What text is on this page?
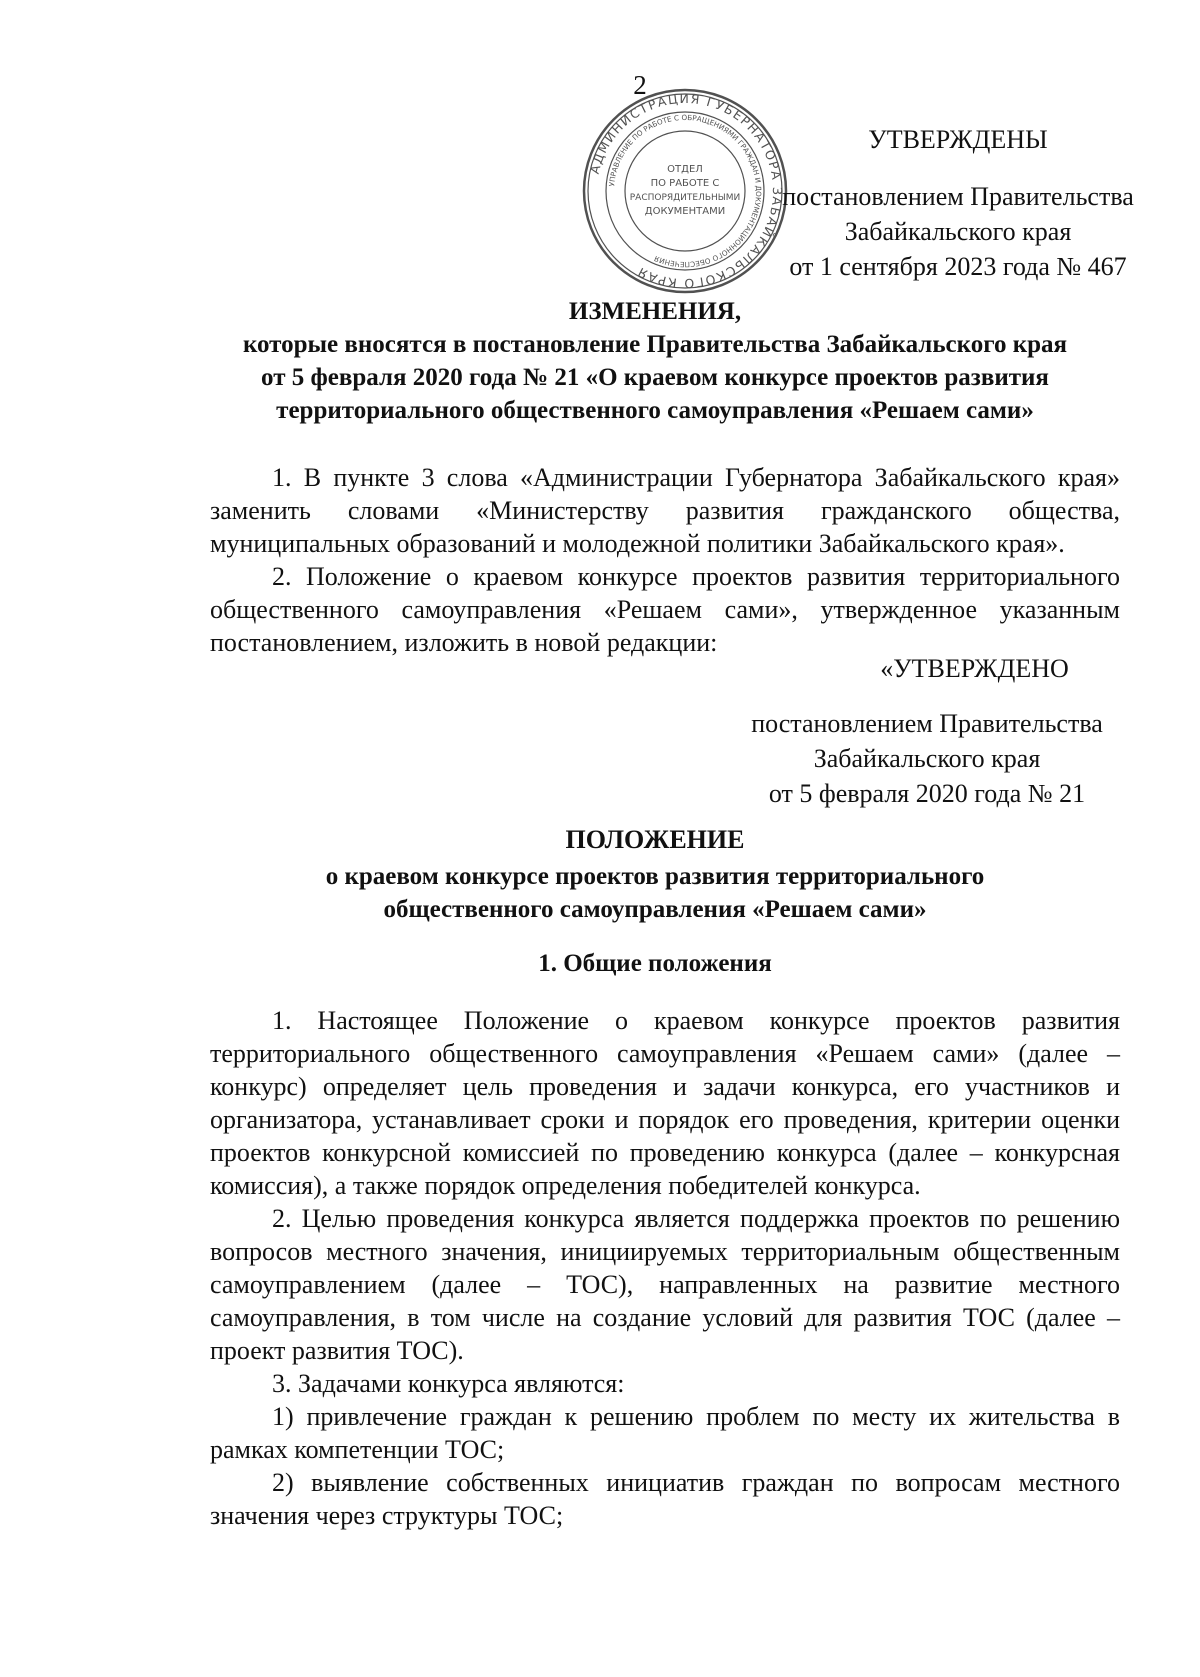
2
АДМИНИСТРАЦИЯ ГУБЕРНАТОРА ЗАБАЙКАЛЬСКОГО КРАЯ
УПРАВЛЕНИЕ ПО РАБОТЕ С ОБРАЩЕНИЯМИ ГРАЖДАН И ДОКУМЕНТАЦИОННОГО ОБЕСПЕЧЕНИЯ
ОТДЕЛ
ПО РАБОТЕ С
РАСПОРЯДИТЕЛЬНЫМИ
ДОКУМЕНТАМИ
УТВЕРЖДЕНЫ
постановлением Правительства
Забайкальского края
от 1 сентября 2023 года № 467
ИЗМЕНЕНИЯ,
которые вносятся в постановление Правительства Забайкальского края
от 5 февраля 2020 года № 21 «О краевом конкурсе проектов развития
территориального общественного самоуправления «Решаем сами»

1. В пункте 3 слова «Администрации Губернатора Забайкальского края» заменить словами «Министерству развития гражданского общества, муниципальных образований и молодежной политики Забайкальского края».

2. Положение о краевом конкурсе проектов развития территориального общественного самоуправления «Решаем сами», утвержденное указанным постановлением, изложить в новой редакции:

«УТВЕРЖДЕНО
постановлением Правительства
Забайкальского края
от 5 февраля 2020 года № 21
ПОЛОЖЕНИЕ
о краевом конкурсе проектов развития территориального
общественного самоуправления «Решаем сами»
1. Общие положения

1. Настоящее Положение о краевом конкурсе проектов развития территориального общественного самоуправления «Решаем сами» (далее – конкурс) определяет цель проведения и задачи конкурса, его участников и организатора, устанавливает сроки и порядок его проведения, критерии оценки проектов конкурсной комиссией по проведению конкурса (далее – конкурсная комиссия), а также порядок определения победителей конкурса.

2. Целью проведения конкурса является поддержка проектов по решению вопросов местного значения, инициируемых территориальным общественным самоуправлением (далее – ТОС), направленных на развитие местного самоуправления, в том числе на создание условий для развития ТОС (далее – проект развития ТОС).

3. Задачами конкурса являются:

1) привлечение граждан к решению проблем по месту их жительства в рамках компетенции ТОС;

2) выявление собственных инициатив граждан по вопросам местного значения через структуры ТОС;
